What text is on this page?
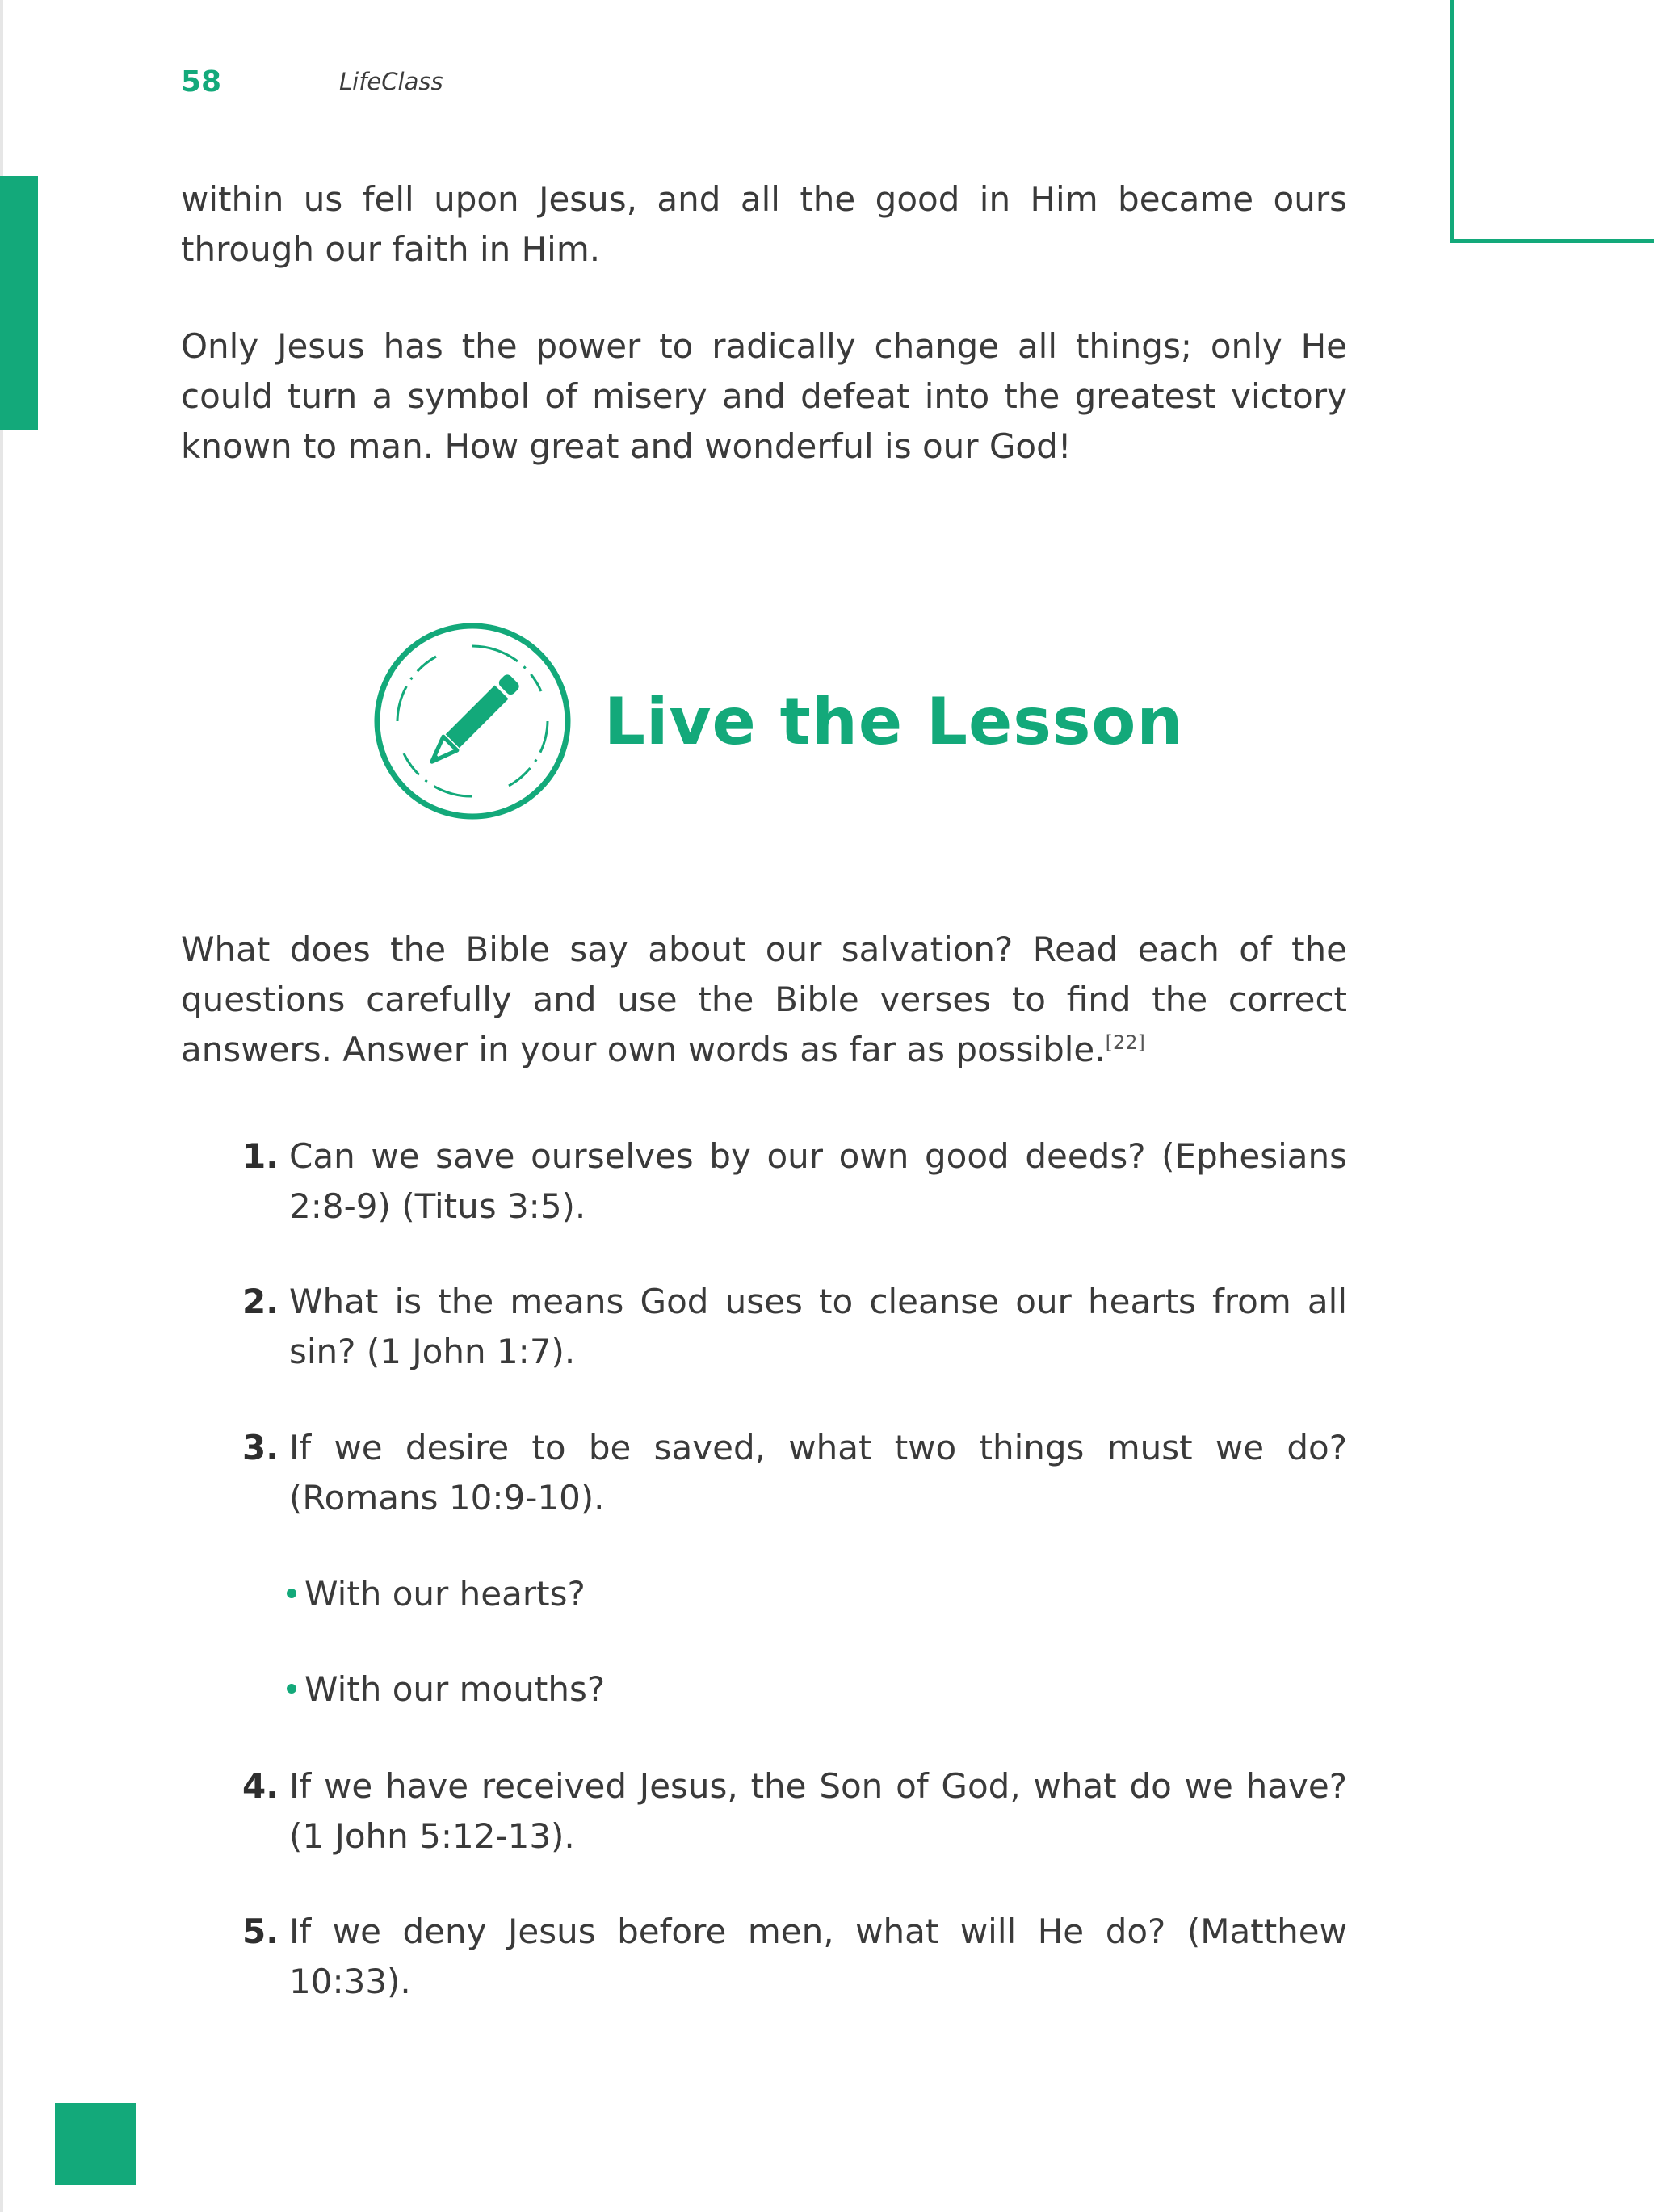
58	LifeClass

within us fell upon Jesus, and all the good in Him became ours through our faith in Him.

Only Jesus has the power to radically change all things; only He could turn a symbol of misery and defeat into the greatest victory known to man. How great and wonderful is our God!

Live the Lesson

What does the Bible say about our salvation? Read each of the questions carefully and use the Bible verses to find the correct answers. Answer in your own words as far as possible.[22]

1. Can we save ourselves by our own good deeds? (Ephesians 2:8-9) (Titus 3:5).
2. What is the means God uses to cleanse our hearts from all sin? (1 John 1:7).
3. If we desire to be saved, what two things must we do? (Romans 10:9-10).
With our hearts?
With our mouths?
4. If we have received Jesus, the Son of God, what do we have? (1 John 5:12-13).
5. If we deny Jesus before men, what will He do? (Matthew 10:33).
